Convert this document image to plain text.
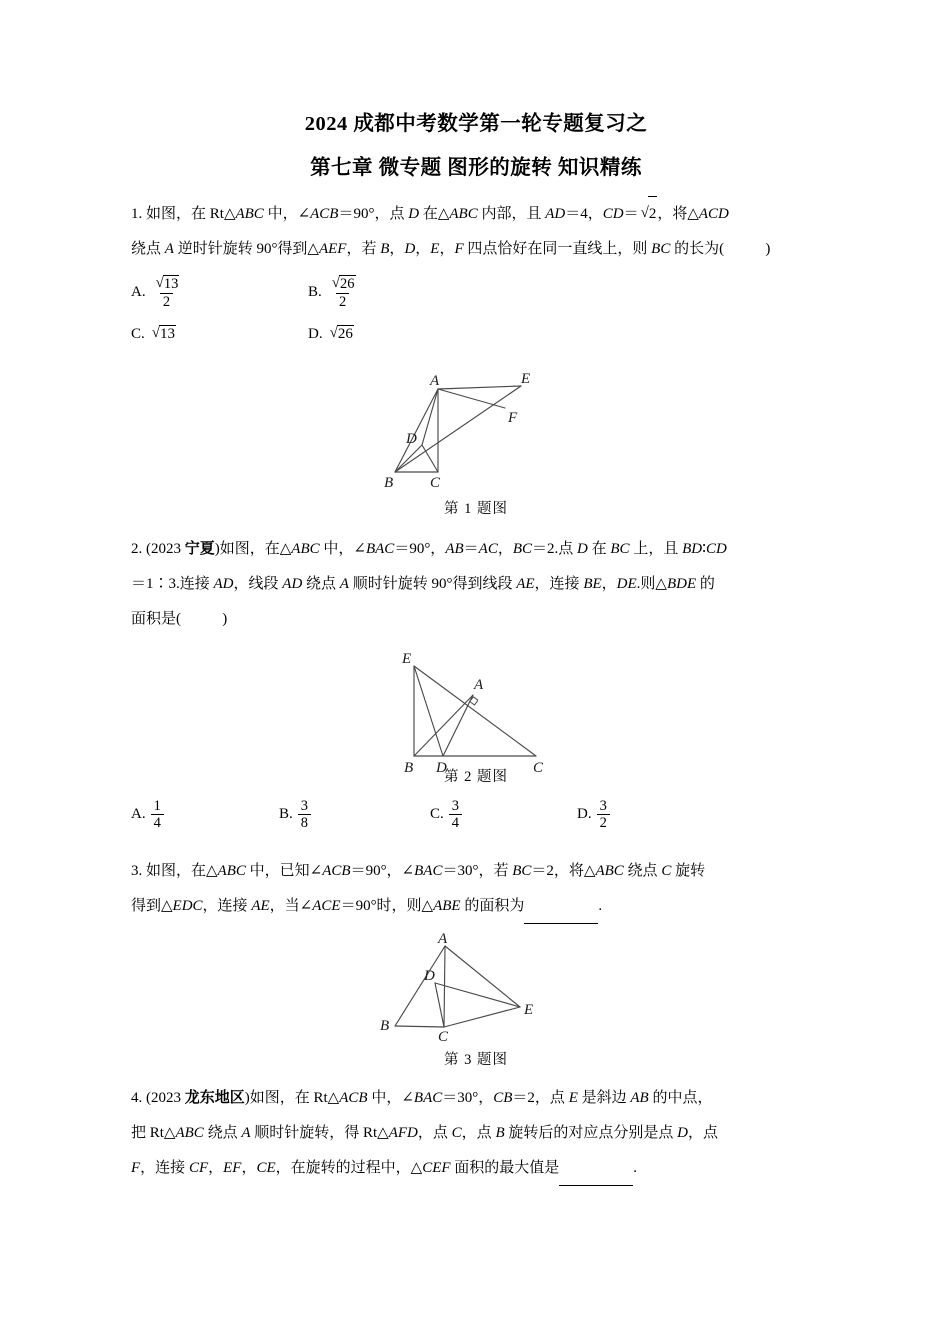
2024 成都中考数学第一轮专题复习之
第七章 微专题 图形的旋转 知识精练
1. 如图，在 Rt△ABC 中，∠ACB＝90°，点 D 在△ABC 内部，且 AD＝4，CD＝ √2，将△ACD
绕点 A 逆时针旋转 90°得到△AEF，若 B，D，E，F 四点恰好在同一直线上，则 BC 的长为(	)
A. $\frac{√13}{2}$	B. $\frac{√26}{2}$
C. √13	D. √26
A	E
F
D
B C
第 1 题图
2. (2023 宁夏)如图，在△ABC 中，∠BAC＝90°，AB＝AC，BC＝2.点 D 在 BC 上，且 BD∶CD
＝1∶3.连接 AD，线段 AD 绕点 A 顺时针旋转 90°得到线段 AE，连接 BE，DE.则△BDE 的
面积是(	)
E
A
B D	C
第 2 题图
A. $\frac{1}{4}$	B. $\frac{3}{8}$	C. $\frac{3}{4}$	D. $\frac{3}{2}$
3. 如图，在△ABC 中，已知∠ACB＝90°，∠BAC＝30°，若 BC＝2，将△ABC 绕点 C 旋转
得到△EDC，连接 AE，当∠ACE＝90°时，则△ABE 的面积为	.
A
D
B
C
E
第 3 题图
4. (2023 龙东地区)如图，在 Rt△ACB 中，∠BAC＝30°，CB＝2，点 E 是斜边 AB 的中点，
把 Rt△ABC 绕点 A 顺时针旋转，得 Rt△AFD，点 C，点 B 旋转后的对应点分别是点 D，点
F，连接 CF，EF，CE，在旋转的过程中，△CEF 面积的最大值是	.
